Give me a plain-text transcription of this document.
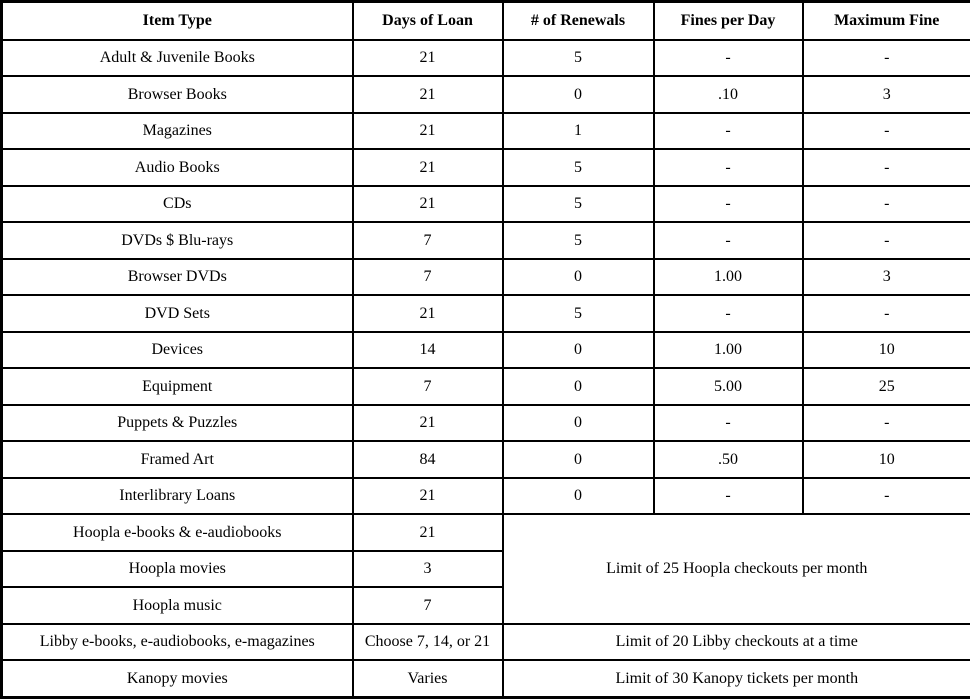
Item Type	Days of Loan	# of Renewals	Fines per Day	Maximum Fine
Adult & Juvenile Books	21	5	-	-
Browser Books	21	0	.10	3
Magazines	21	1	-	-
Audio Books	21	5	-	-
CDs	21	5	-	-
DVDs $ Blu-rays	7	5	-	-
Browser DVDs	7	0	1.00	3
DVD Sets	21	5	-	-
Devices	14	0	1.00	10
Equipment	7	0	5.00	25
Puppets & Puzzles	21	0	-	-
Framed Art	84	0	.50	10
Interlibrary Loans	21	0	-	-
Hoopla e-books & e-audiobooks	21	Limit of 25 Hoopla checkouts per month		
Hoopla movies	3			
Hoopla music	7			
Libby e-books, e-audiobooks, e-magazines	Choose 7, 14, or 21	Limit of 20 Libby checkouts at a time		
Kanopy movies	Varies	Limit of 30 Kanopy tickets per month		
